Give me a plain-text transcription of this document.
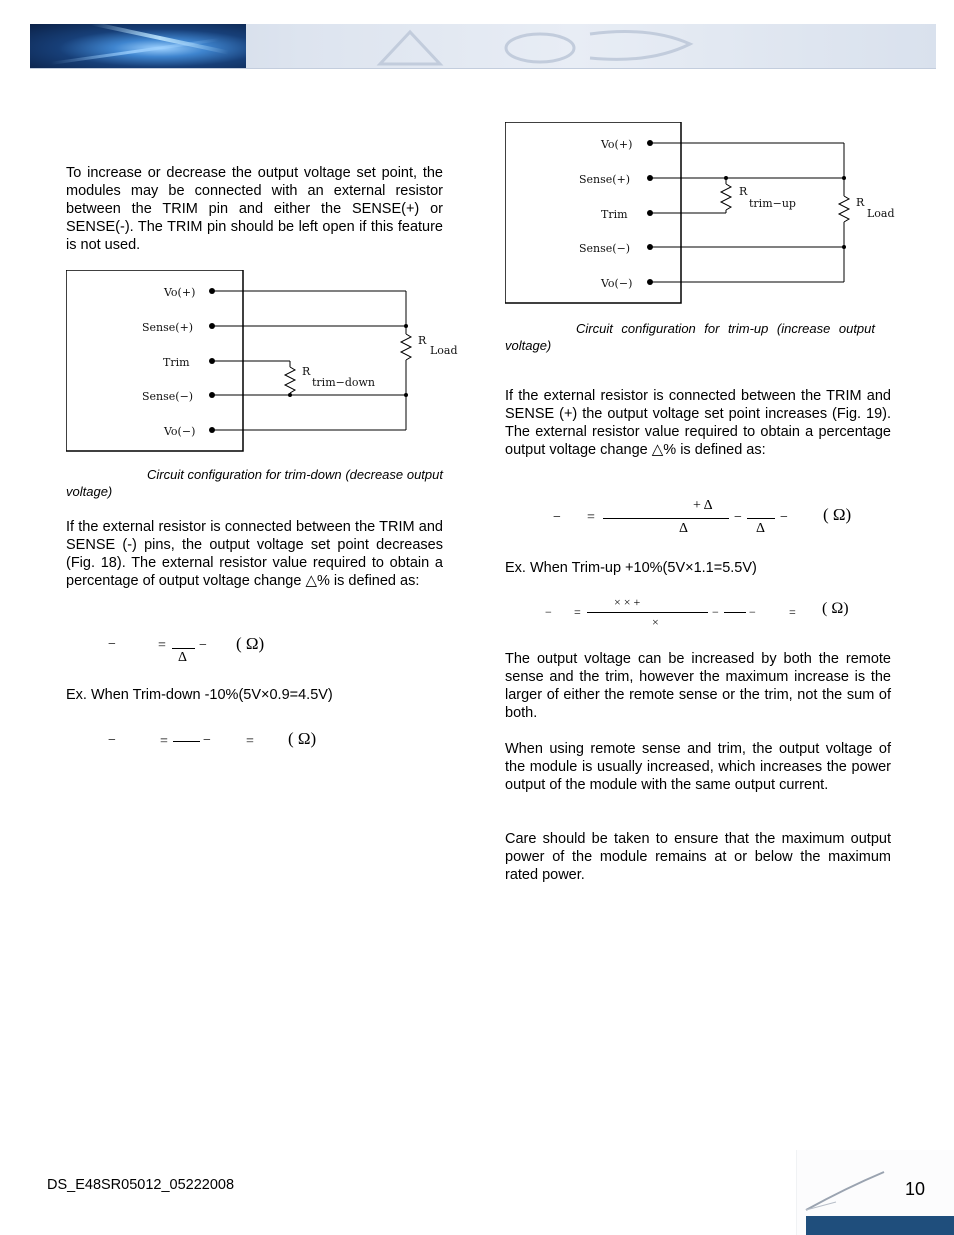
To increase or decrease the output voltage set point, the modules may be connected with an external resistor between the TRIM pin and either the SENSE(+) or SENSE(-). The TRIM pin should be left open if this feature is not used.

Vo(+)
Sense(+)
Trim
Sense(−)
Vo(−)
R
Load
R
trim−down

Circuit configuration for trim-down (decrease output voltage)

If the external resistor is connected between the TRIM and SENSE (-) pins, the output voltage set point decreases (Fig. 18). The external resistor value required to obtain a percentage of output voltage change △% is defined as:

−	=
Δ
− ( Ω)

Ex. When Trim-down -10%(5V×0.9=4.5V)

−	=	−	= ( Ω)
Vo(+)
Sense(+)
Trim
Sense(−)
Vo(−)
R
Load
R
trim−up

Circuit configuration for trim-up (increase output voltage)

If the external resistor is connected between the TRIM and SENSE (+) the output voltage set point increases (Fig. 19). The external resistor value required to obtain a percentage output voltage change △% is defined as:

− =
+ Δ
Δ
−
Δ
− ( Ω)

Ex. When Trim-up +10%(5V×1.1=5.5V)

− =
× × +
×
−	−	= ( Ω)

The output voltage can be increased by both the remote sense and the trim, however the maximum increase is the larger of either the remote sense or the trim, not the sum of both.

When using remote sense and trim, the output voltage of the module is usually increased, which increases the power output of the module with the same output current.

Care should be taken to ensure that the maximum output power of the module remains at or below the maximum rated power.

DS_E48SR05012_05222008	10
